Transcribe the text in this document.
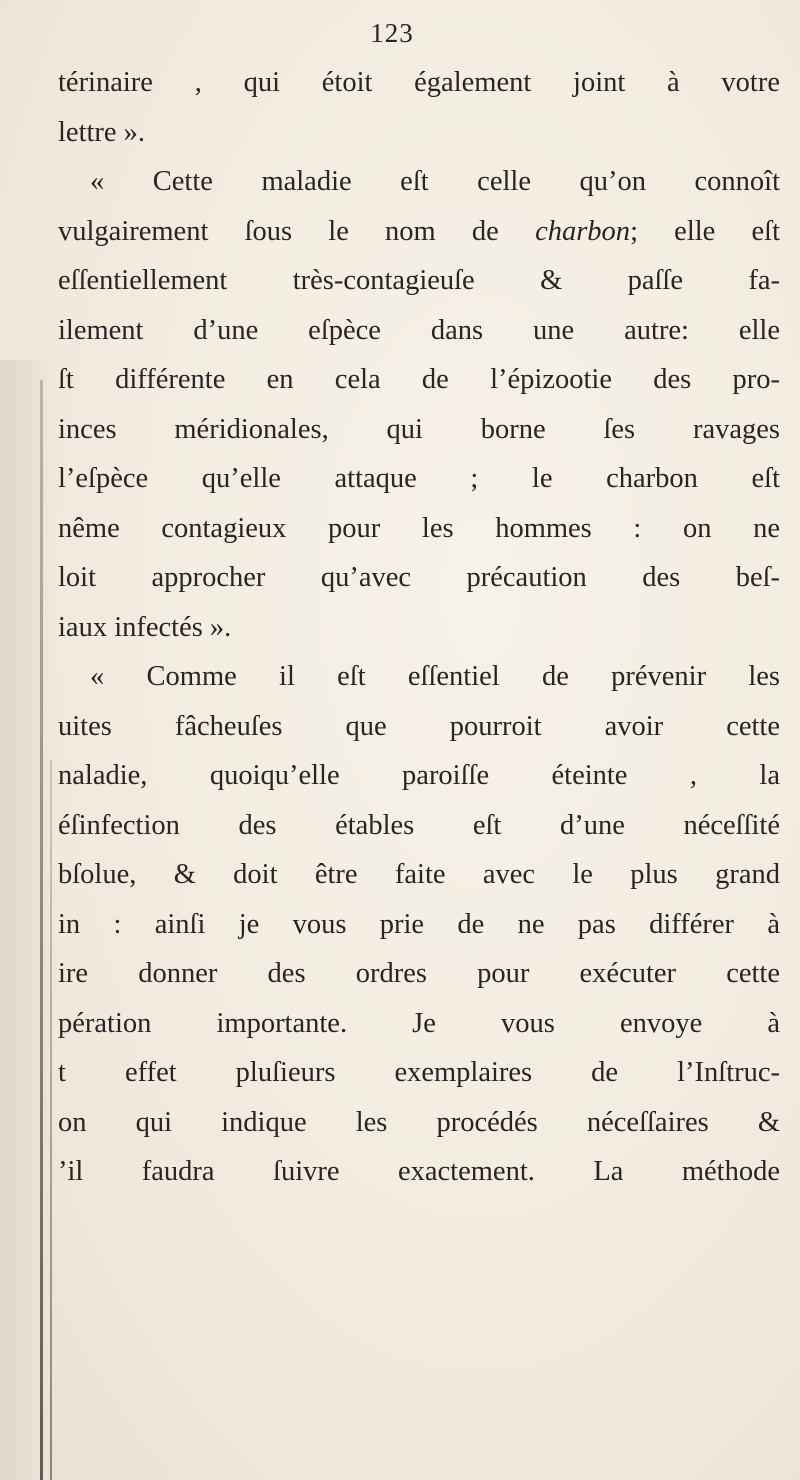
123
térinaire , qui étoit également joint à votre
lettre ».
« Cette maladie eſt celle qu’on connoît
vulgairement ſous le nom de charbon; elle eſt
eſſentiellement très-contagieuſe & paſſe fa-
ilement d’une eſpèce dans une autre: elle
ſt différente en cela de l’épizootie des pro-
inces méridionales, qui borne ſes ravages
l’eſpèce qu’elle attaque ; le charbon eſt
nême contagieux pour les hommes : on ne
loit approcher qu’avec précaution des beſ-
iaux infectés ».
« Comme il eſt eſſentiel de prévenir les
uites fâcheuſes que pourroit avoir cette
naladie, quoiqu’elle paroiſſe éteinte , la
éſinfection des étables eſt d’une néceſſité
bſolue, & doit être faite avec le plus grand
in : ainſi je vous prie de ne pas différer à
ire donner des ordres pour exécuter cette
pération importante. Je vous envoye à
t effet pluſieurs exemplaires de l’Inſtruc-
on qui indique les procédés néceſſaires &
’il faudra ſuivre exactement. La méthode
